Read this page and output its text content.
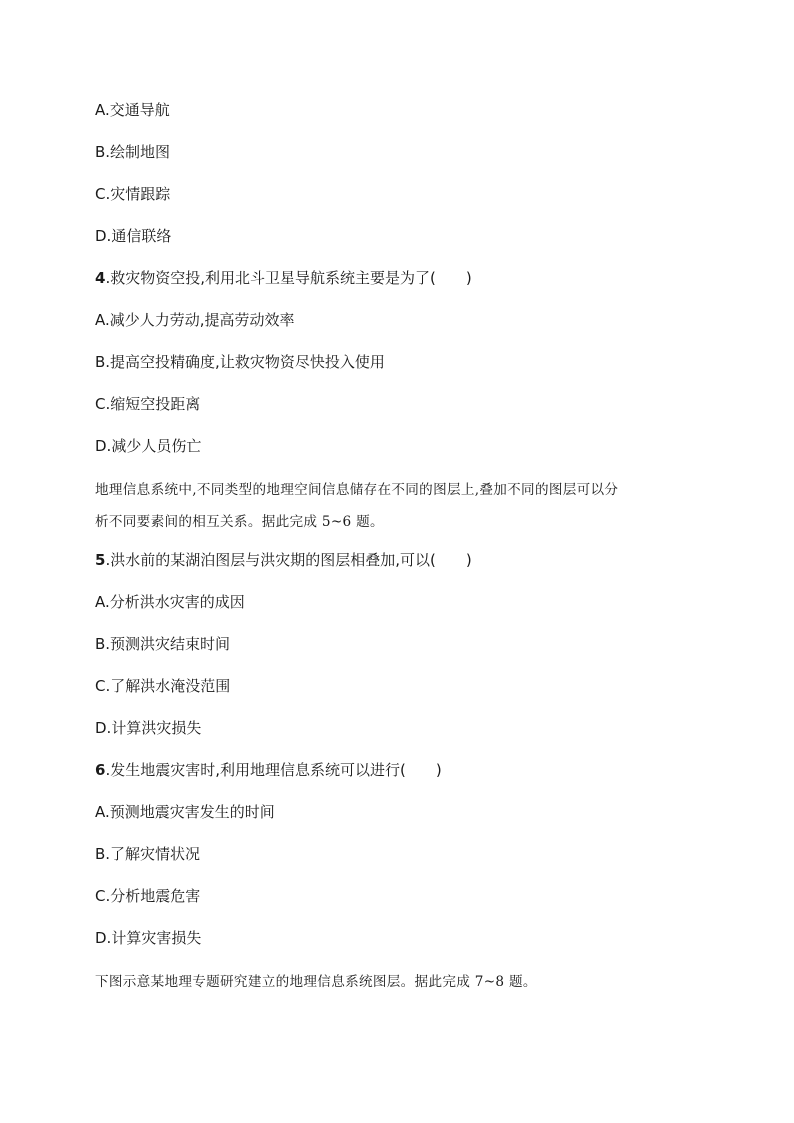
A.交通导航
B.绘制地图
C.灾情跟踪
D.通信联络
4.救灾物资空投,利用北斗卫星导航系统主要是为了(　　)
A.减少人力劳动,提高劳动效率
B.提高空投精确度,让救灾物资尽快投入使用
C.缩短空投距离
D.减少人员伤亡
地理信息系统中,不同类型的地理空间信息储存在不同的图层上,叠加不同的图层可以分
析不同要素间的相互关系。据此完成 5~6 题。
5.洪水前的某湖泊图层与洪灾期的图层相叠加,可以(　　)
A.分析洪水灾害的成因
B.预测洪灾结束时间
C.了解洪水淹没范围
D.计算洪灾损失
6.发生地震灾害时,利用地理信息系统可以进行(　　)
A.预测地震灾害发生的时间
B.了解灾情状况
C.分析地震危害
D.计算灾害损失
下图示意某地理专题研究建立的地理信息系统图层。据此完成 7~8 题。
